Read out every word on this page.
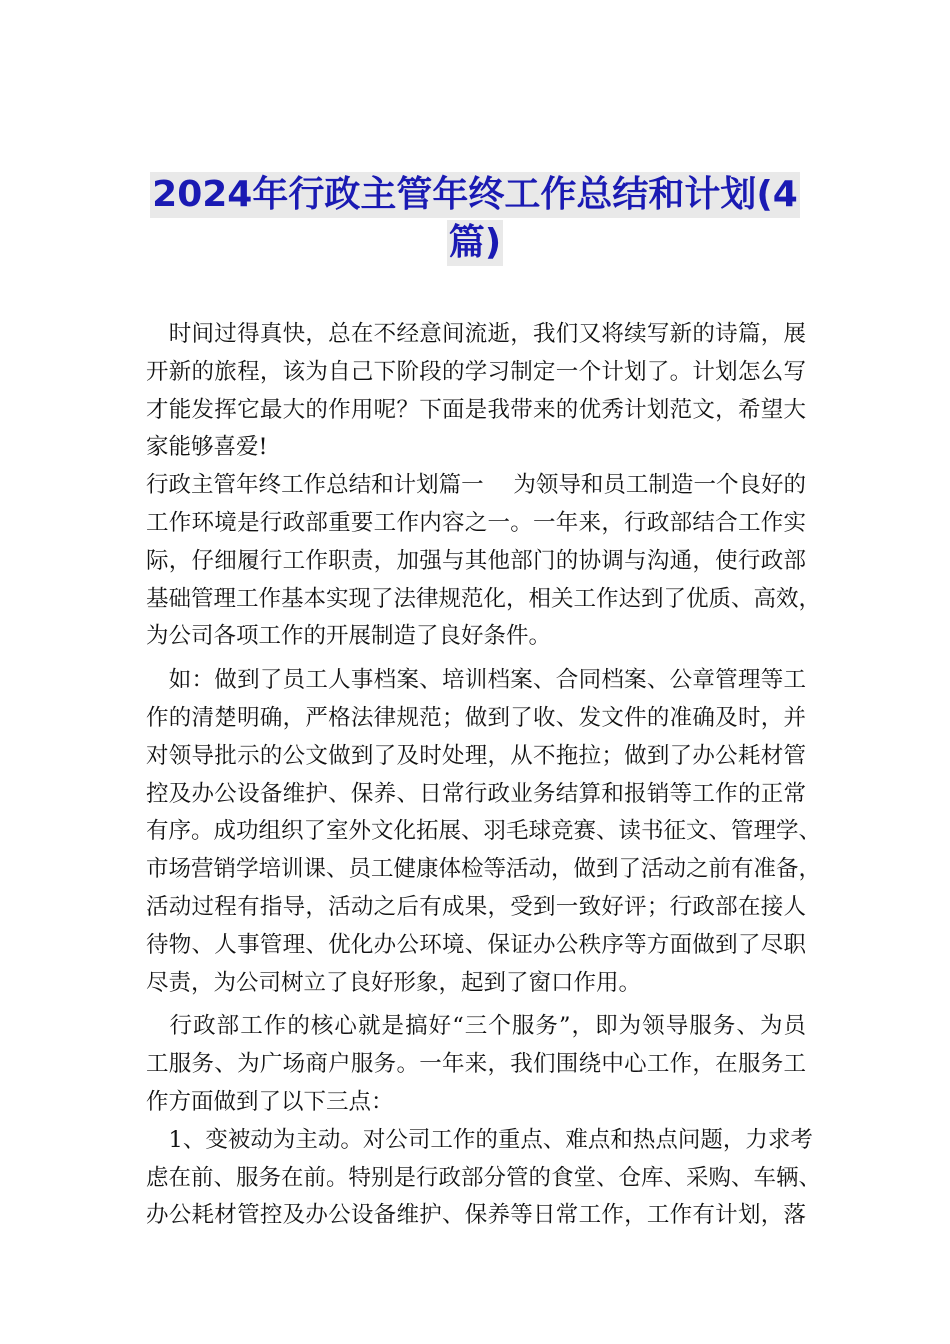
2024年行政主管年终工作总结和计划(4
篇)
　时间过得真快，总在不经意间流逝，我们又将续写新的诗篇，展
开新的旅程，该为自己下阶段的学习制定一个计划了。计划怎么写
才能发挥它最大的作用呢？下面是我带来的优秀计划范文，希望大
家能够喜爱!
行政主管年终工作总结和计划篇一　 为领导和员工制造一个良好的
工作环境是行政部重要工作内容之一。一年来，行政部结合工作实
际，仔细履行工作职责，加强与其他部门的协调与沟通，使行政部
基础管理工作基本实现了法律规范化，相关工作达到了优质、高效，
为公司各项工作的开展制造了良好条件。
　如：做到了员工人事档案、培训档案、合同档案、公章管理等工
作的清楚明确，严格法律规范；做到了收、发文件的准确及时，并
对领导批示的公文做到了及时处理，从不拖拉；做到了办公耗材管
控及办公设备维护、保养、日常行政业务结算和报销等工作的正常
有序。成功组织了室外文化拓展、羽毛球竞赛、读书征文、管理学、
市场营销学培训课、员工健康体检等活动，做到了活动之前有准备，
活动过程有指导，活动之后有成果，受到一致好评；行政部在接人
待物、人事管理、优化办公环境、保证办公秩序等方面做到了尽职
尽责，为公司树立了良好形象，起到了窗口作用。
　行政部工作的核心就是搞好“三个服务”，即为领导服务、为员
工服务、为广场商户服务。一年来，我们围绕中心工作，在服务工
作方面做到了以下三点：
　1、变被动为主动。对公司工作的重点、难点和热点问题，力求考
虑在前、服务在前。特别是行政部分管的食堂、仓库、采购、车辆、
办公耗材管控及办公设备维护、保养等日常工作，工作有计划，落
